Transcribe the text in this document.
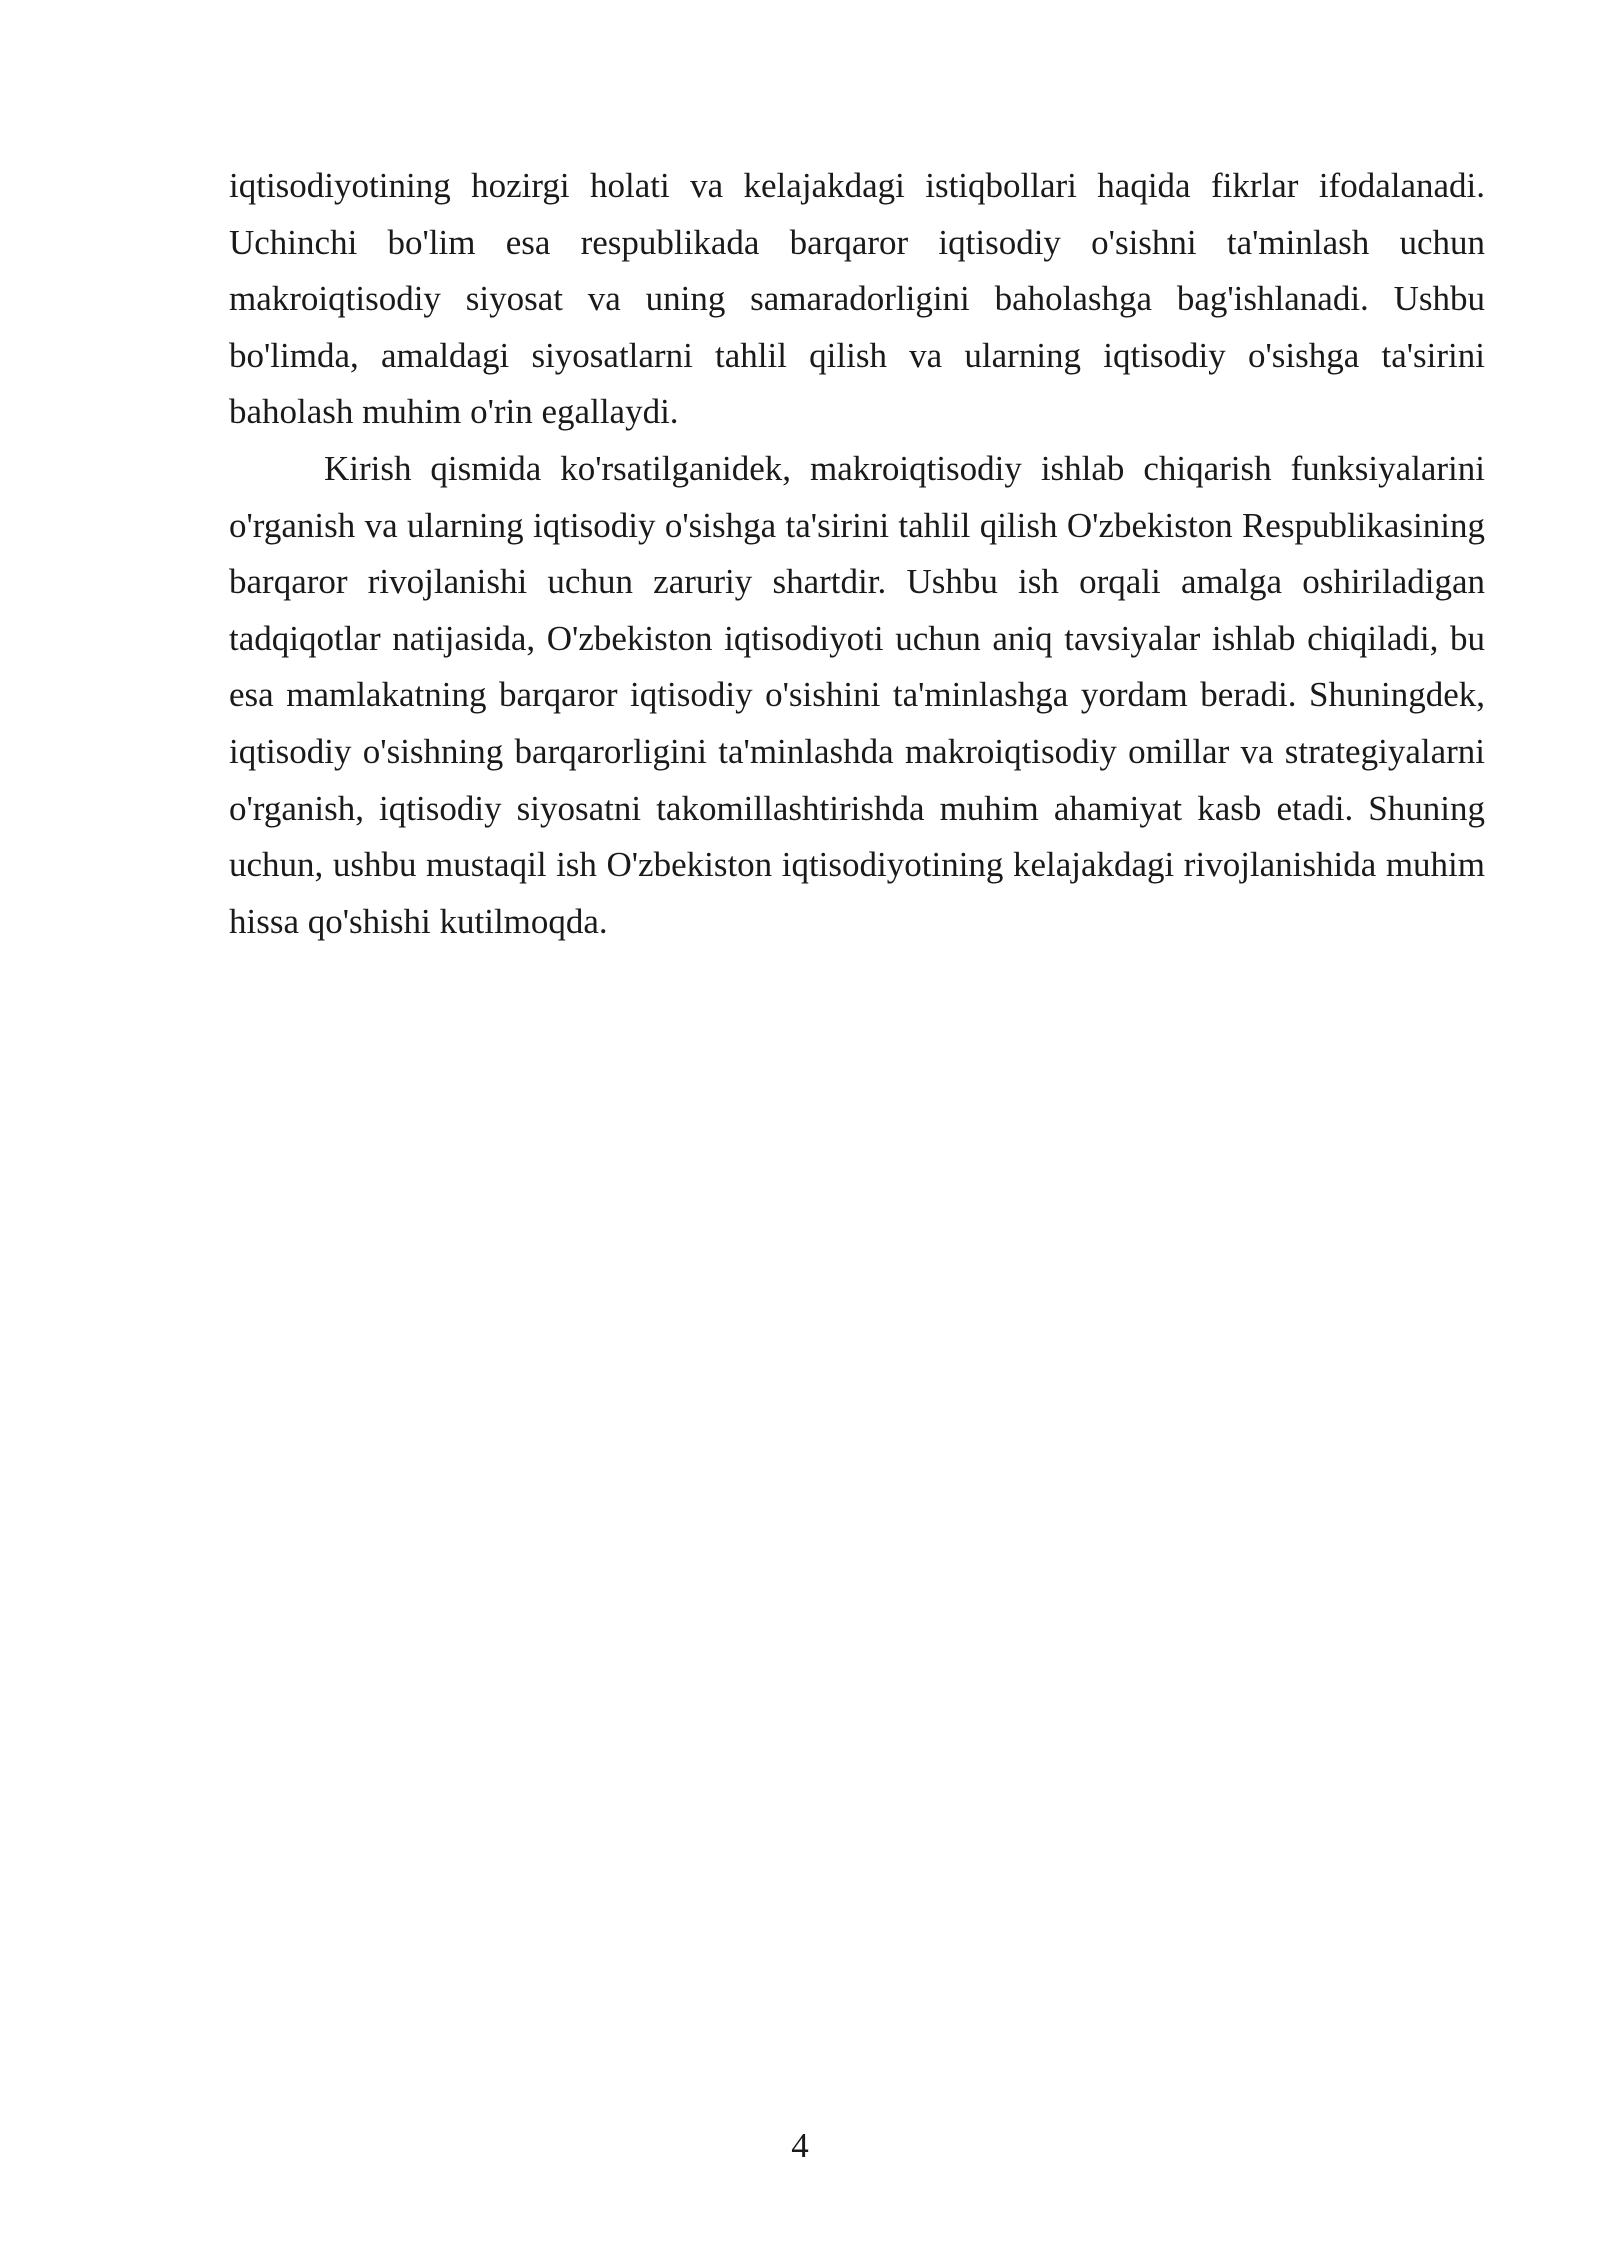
iqtisodiyotining hozirgi holati va kelajakdagi istiqbollari haqida fikrlar ifodalanadi. Uchinchi bo'lim esa respublikada barqaror iqtisodiy o'sishni ta'minlash uchun makroiqtisodiy siyosat va uning samaradorligini baholashga bag'ishlanadi. Ushbu bo'limda, amaldagi siyosatlarni tahlil qilish va ularning iqtisodiy o'sishga ta'sirini baholash muhim o'rin egallaydi.

Kirish qismida ko'rsatilganidek, makroiqtisodiy ishlab chiqarish funksiyalarini o'rganish va ularning iqtisodiy o'sishga ta'sirini tahlil qilish O'zbekiston Respublikasining barqaror rivojlanishi uchun zaruriy shartdir. Ushbu ish orqali amalga oshiriladigan tadqiqotlar natijasida, O'zbekiston iqtisodiyoti uchun aniq tavsiyalar ishlab chiqiladi, bu esa mamlakatning barqaror iqtisodiy o'sishini ta'minlashga yordam beradi. Shuningdek, iqtisodiy o'sishning barqarorligini ta'minlashda makroiqtisodiy omillar va strategiyalarni o'rganish, iqtisodiy siyosatni takomillashtirishda muhim ahamiyat kasb etadi. Shuning uchun, ushbu mustaqil ish O'zbekiston iqtisodiyotining kelajakdagi rivojlanishida muhim hissa qo'shishi kutilmoqda.

4
